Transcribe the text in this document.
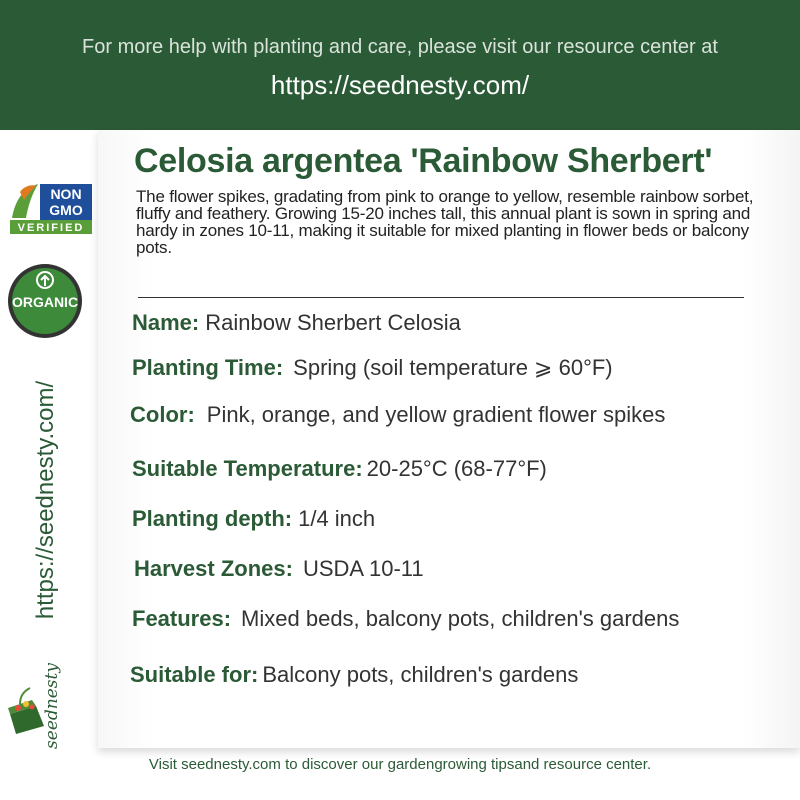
For more help with planting and care, please visit our resource center at
https://seednesty.com/
NON
GMO
VERIFIED
ORGANIC
https://seednesty.com/
seednesty
Celosia argentea 'Rainbow Sherbert'
The flower spikes, gradating from pink to orange to yellow, resemble rainbow sorbet, fluffy and feathery. Growing 15-20 inches tall, this annual plant is sown in spring and hardy in zones 10-11, making it suitable for mixed planting in flower beds or balcony pots.
Name: Rainbow Sherbert Celosia
Planting Time: Spring (soil temperature ⩾ 60°F)
Color: Pink, orange, and yellow gradient flower spikes
Suitable Temperature: 20-25°C (68-77°F)
Planting depth: 1/4 inch
Harvest Zones: USDA 10-11
Features: Mixed beds, balcony pots, children's gardens
Suitable for: Balcony pots, children's gardens
Visit seednesty.com to discover our gardengrowing tipsand resource center.
